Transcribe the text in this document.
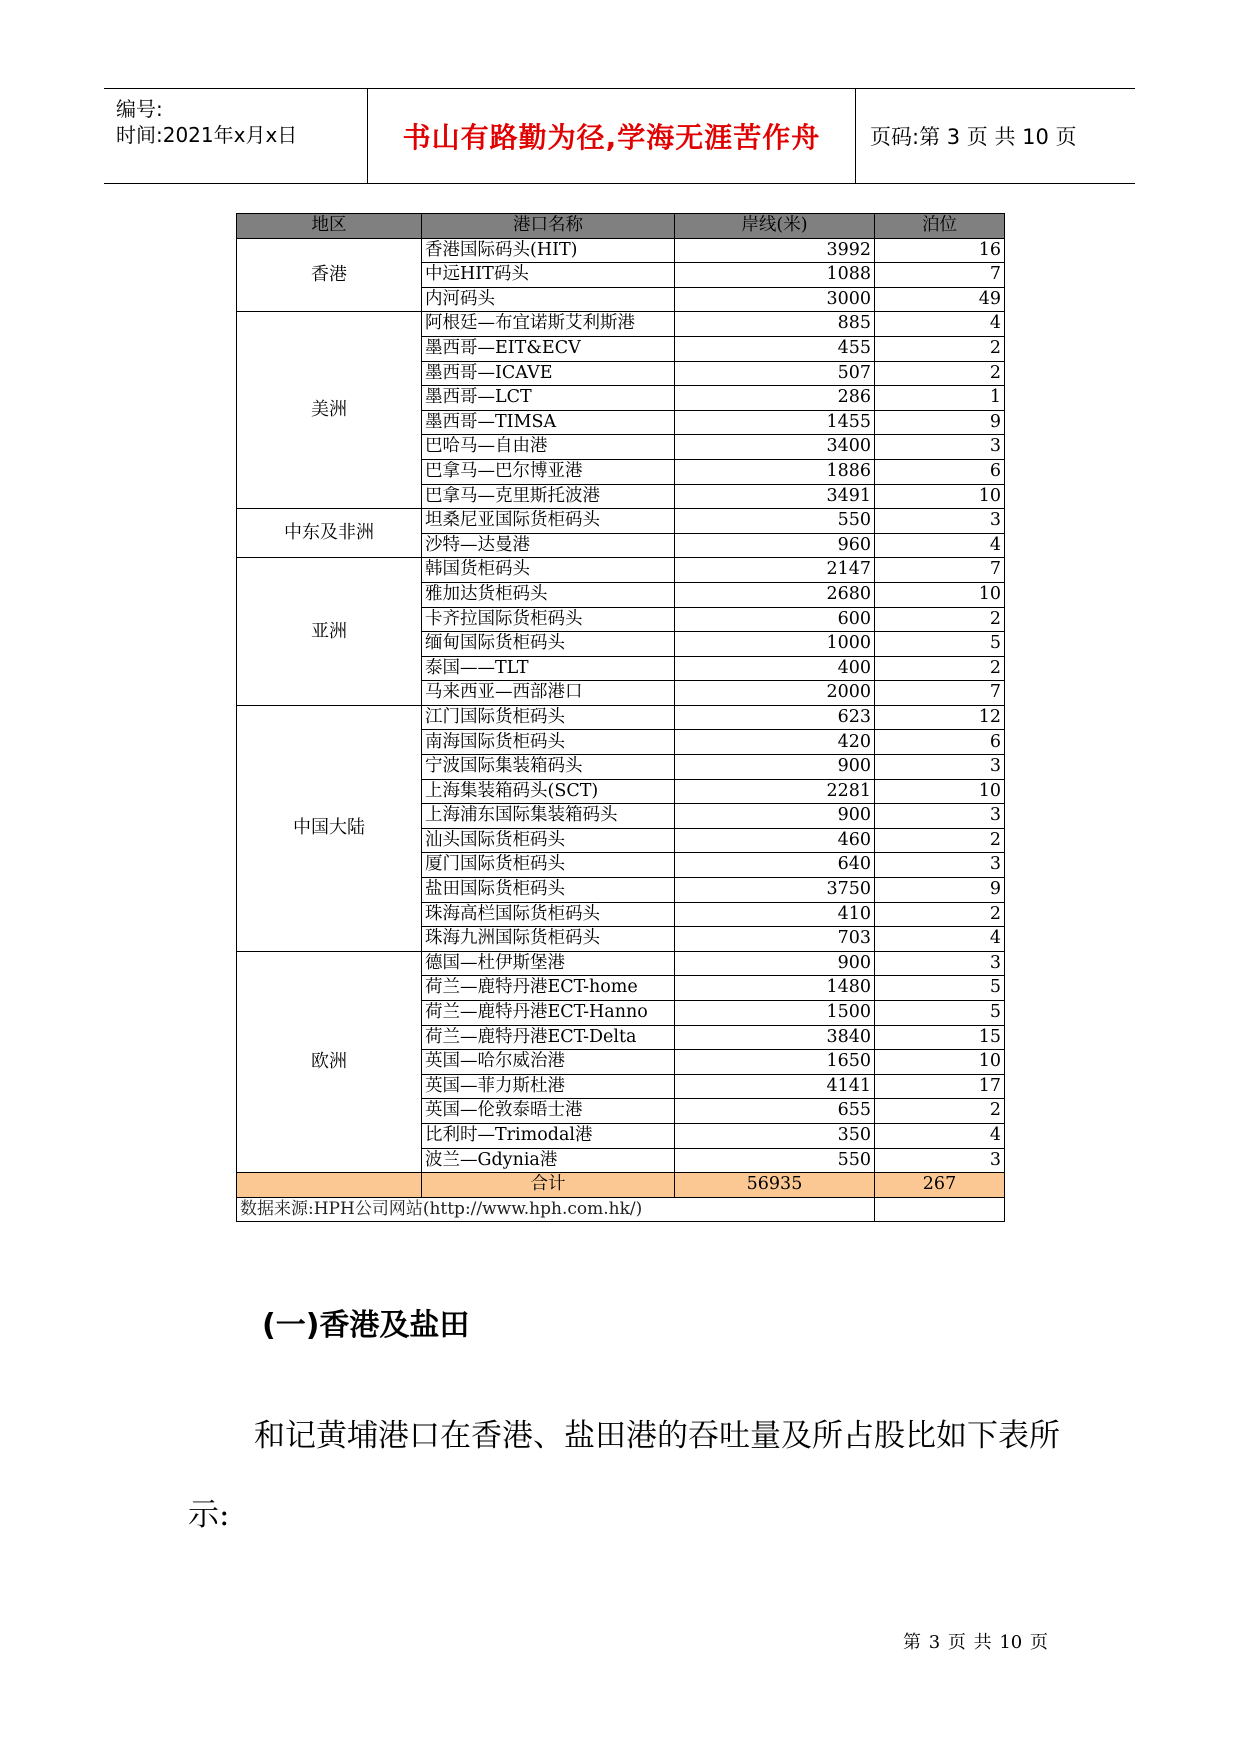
编号:
时间:2021年x月x日	书山有路勤为径,学海无涯苦作舟 页码:第 3 页 共 10 页
地区	港口名称	岸线(米)	泊位
香港	香港国际码头(HIT)	3992	16
	中远HIT码头	1088	7
	内河码头	3000	49
美洲	阿根廷—布宜诺斯艾利斯港	885	4
	墨西哥—EIT&ECV	455	2
	墨西哥—ICAVE	507	2
	墨西哥—LCT	286	1
	墨西哥—TIMSA	1455	9
	巴哈马—自由港	3400	3
	巴拿马—巴尔博亚港	1886	6
	巴拿马—克里斯托波港	3491	10
中东及非洲	坦桑尼亚国际货柜码头	550	3
	沙特—达曼港	960	4
亚洲	韩国货柜码头	2147	7
	雅加达货柜码头	2680	10
	卡齐拉国际货柜码头	600	2
	缅甸国际货柜码头	1000	5
	泰国——TLT	400	2
	马来西亚—西部港口	2000	7
中国大陆	江门国际货柜码头	623	12
	南海国际货柜码头	420	6
	宁波国际集装箱码头	900	3
	上海集装箱码头(SCT)	2281	10
	上海浦东国际集装箱码头	900	3
	汕头国际货柜码头	460	2
	厦门国际货柜码头	640	3
	盐田国际货柜码头	3750	9
	珠海高栏国际货柜码头	410	2
	珠海九洲国际货柜码头	703	4
欧洲	德国—杜伊斯堡港	900	3
	荷兰—鹿特丹港ECT-home	1480	5
	荷兰—鹿特丹港ECT-Hanno	1500	5
	荷兰—鹿特丹港ECT-Delta	3840	15
	英国—哈尔威治港	1650	10
	英国—菲力斯杜港	4141	17
	英国—伦敦泰晤士港	655	2
	比利时—Trimodal港	350	4
	波兰—Gdynia港	550	3
	合计	56935	267
数据来源:HPH公司网站(http://www.hph.com.hk/)			
(一)香港及盐田
和记黄埔港口在香港、盐田港的吞吐量及所占股比如下表所示:
第 3 页 共 10 页
